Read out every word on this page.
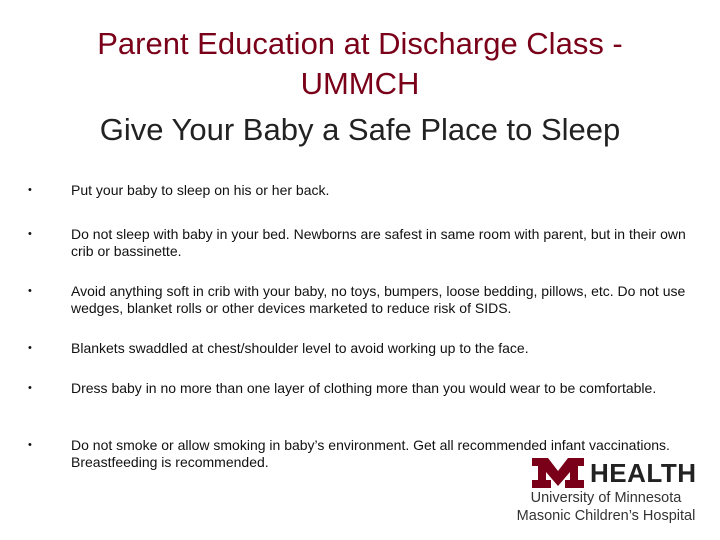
Parent Education at Discharge Class -
UMMCH
Give Your Baby a Safe Place to Sleep
•	Put your baby to sleep on his or her back.
•	Do not sleep with baby in your bed. Newborns are safest in same room with parent, but in their own crib or bassinette.
•	Avoid anything soft in crib with your baby, no toys, bumpers, loose bedding, pillows, etc. Do not use wedges, blanket rolls or other devices marketed to reduce risk of SIDS.
•	Blankets swaddled at chest/shoulder level to avoid working up to the face.
•	Dress baby in no more than one layer of clothing more than you would wear to be comfortable.
•	Do not smoke or allow smoking in baby’s environment. Get all recommended infant vaccinations. Breastfeeding is recommended.	HEALTH
University of Minnesota
Masonic Children’s Hospital
